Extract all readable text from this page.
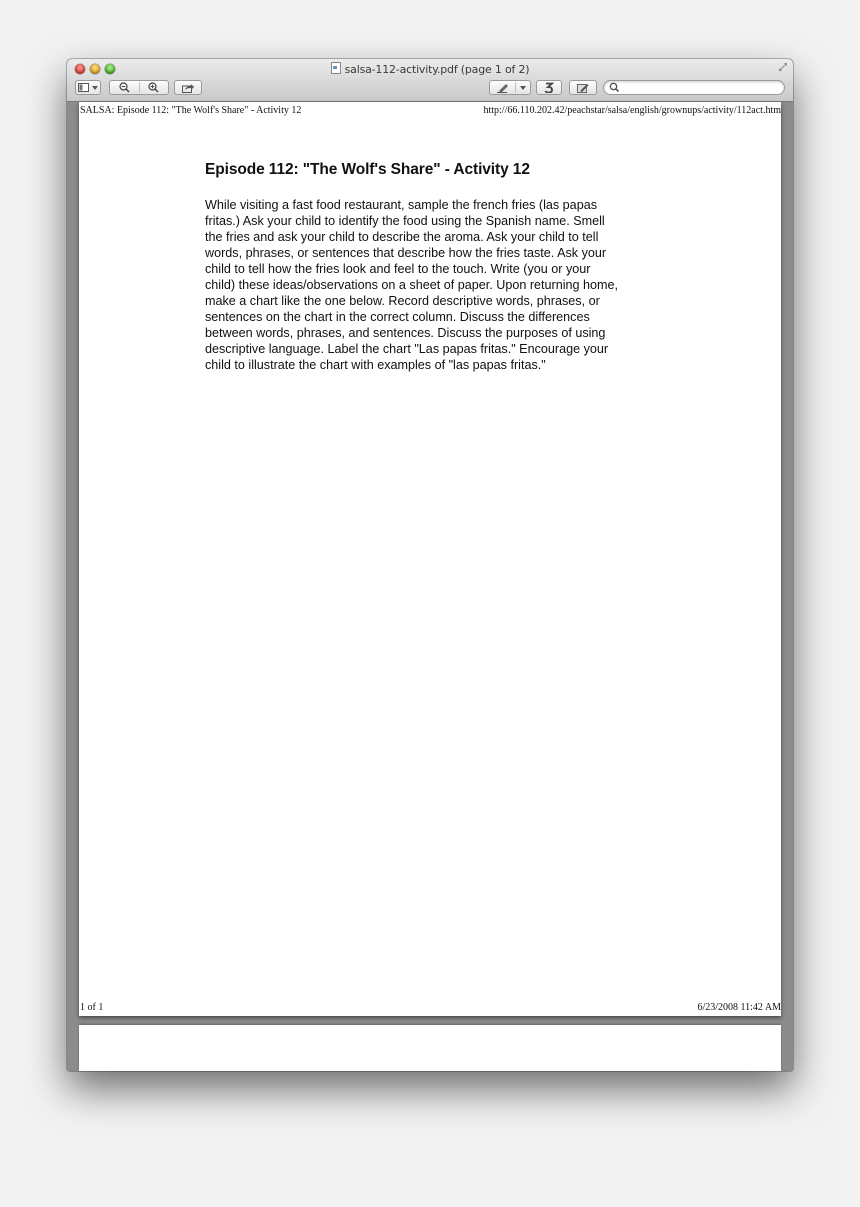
salsa-112-activity.pdf (page 1 of 2)
SALSA: Episode 112: "The Wolf's Share" - Activity 12	http://66.110.202.42/peachstar/salsa/english/grownups/activity/112act.htm
Episode 112: "The Wolf's Share" - Activity 12
While visiting a fast food restaurant, sample the french fries (las papas
fritas.) Ask your child to identify the food using the Spanish name. Smell
the fries and ask your child to describe the aroma. Ask your child to tell
words, phrases, or sentences that describe how the fries taste. Ask your
child to tell how the fries look and feel to the touch. Write (you or your
child) these ideas/observations on a sheet of paper. Upon returning home,
make a chart like the one below. Record descriptive words, phrases, or
sentences on the chart in the correct column. Discuss the differences
between words, phrases, and sentences. Discuss the purposes of using
descriptive language. Label the chart "Las papas fritas." Encourage your
child to illustrate the chart with examples of "las papas fritas."
1 of 1	6/23/2008 11:42 AM
